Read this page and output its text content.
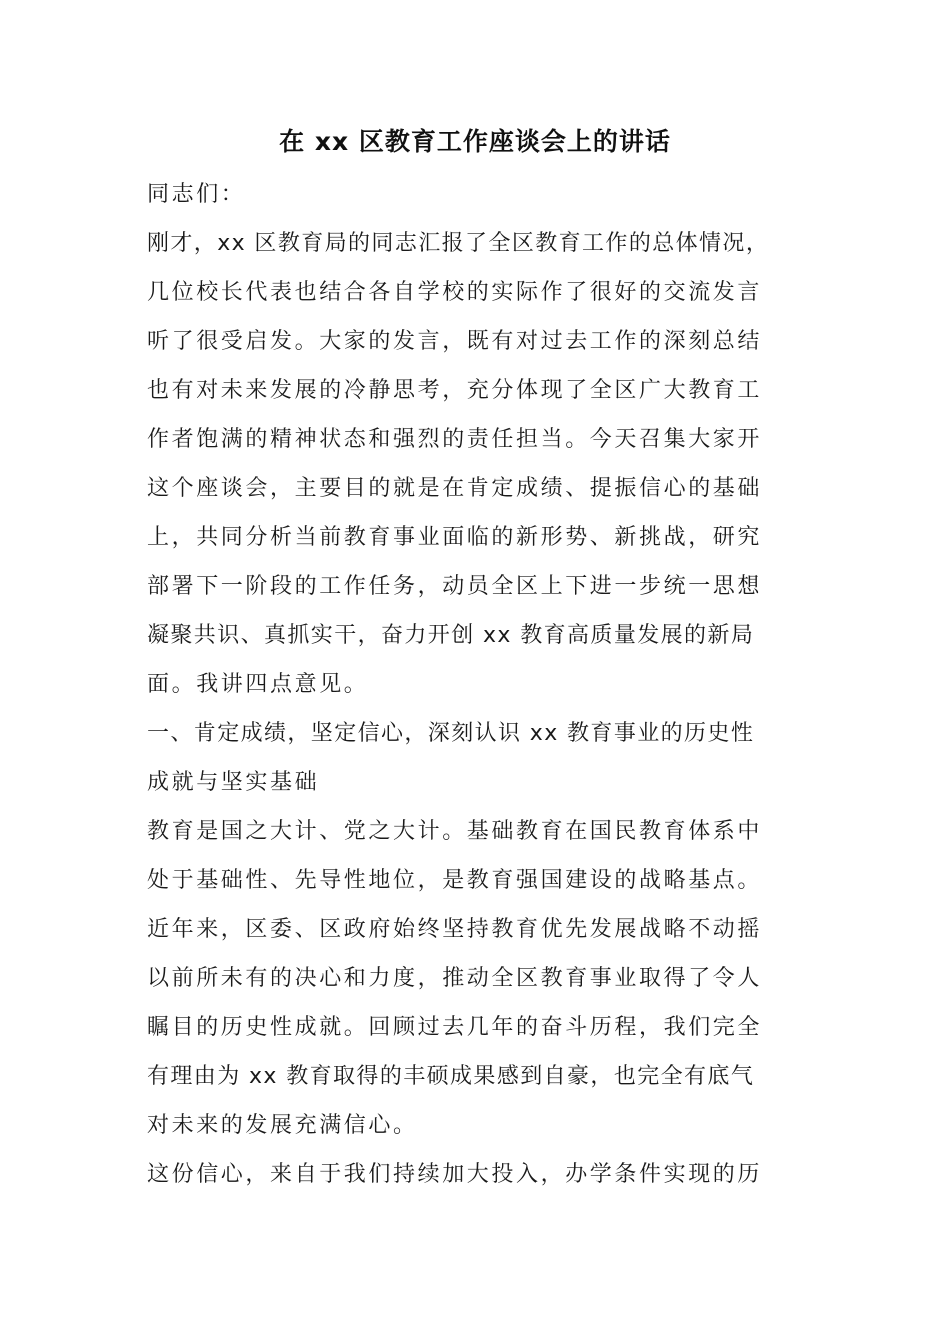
在 xx 区教育工作座谈会上的讲话

同志们：

刚才，xx 区教育局的同志汇报了全区教育工作的总体情况，

几位校长代表也结合各自学校的实际作了很好的交流发言

听了很受启发。大家的发言，既有对过去工作的深刻总结

也有对未来发展的冷静思考，充分体现了全区广大教育工

作者饱满的精神状态和强烈的责任担当。今天召集大家开

这个座谈会，主要目的就是在肯定成绩、提振信心的基础

上，共同分析当前教育事业面临的新形势、新挑战，研究

部署下一阶段的工作任务，动员全区上下进一步统一思想

凝聚共识、真抓实干，奋力开创 xx 教育高质量发展的新局

面。我讲四点意见。

一、肯定成绩，坚定信心，深刻认识 xx 教育事业的历史性

成就与坚实基础

教育是国之大计、党之大计。基础教育在国民教育体系中

处于基础性、先导性地位，是教育强国建设的战略基点。

近年来，区委、区政府始终坚持教育优先发展战略不动摇

以前所未有的决心和力度，推动全区教育事业取得了令人

瞩目的历史性成就。回顾过去几年的奋斗历程，我们完全

有理由为 xx 教育取得的丰硕成果感到自豪，也完全有底气

对未来的发展充满信心。

这份信心，来自于我们持续加大投入，办学条件实现的历
